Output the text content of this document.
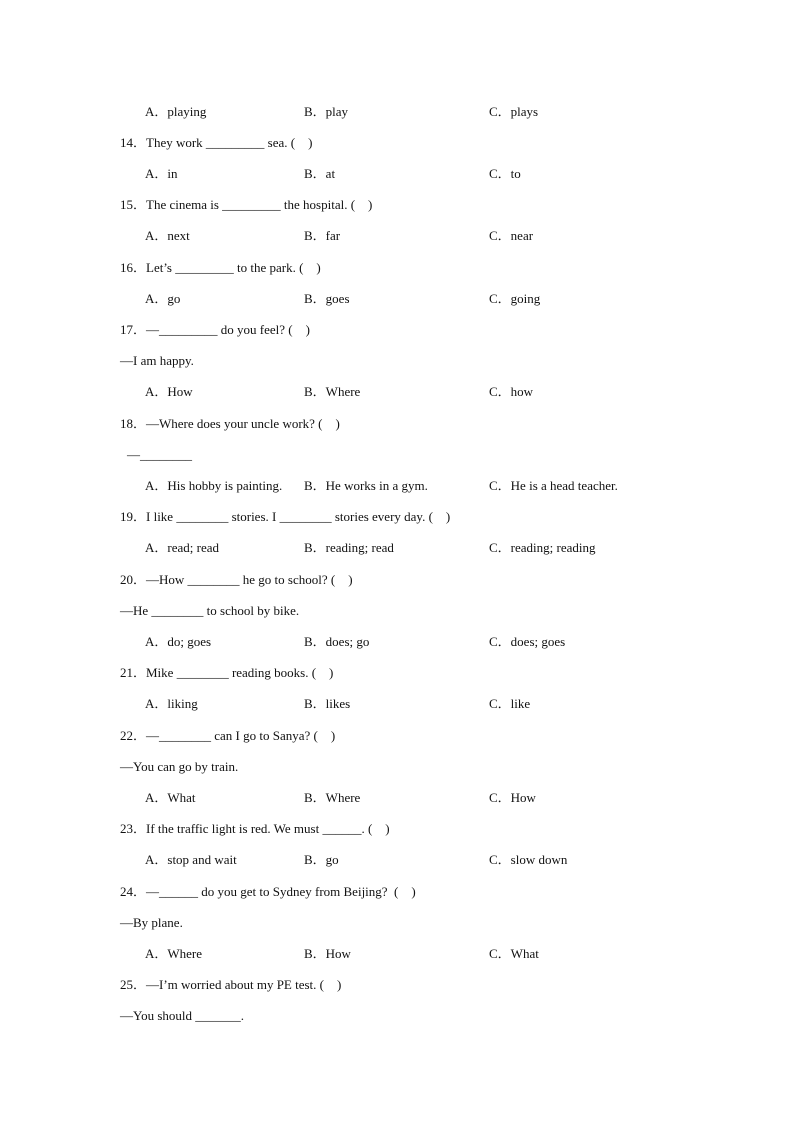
A．playing	B．play	C．plays
14．They work _________ sea. (    )
A．in	B．at	C．to
15．The cinema is _________ the hospital. (    )
A．next	B．far	C．near
16．Let’s _________ to the park. (    )
A．go	B．goes	C．going
17．—_________ do you feel? (    )
—I am happy.
A．How	B．Where	C．how
18．—Where does your uncle work? (    )
—________
A．His hobby is painting. B．He works in a gym.	C．He is a head teacher.
19．I like ________ stories. I ________ stories every day. (    )
A．read; read	B．reading; read	C．reading; reading
20．—How ________ he go to school? (    )
—He ________ to school by bike.
A．do; goes	B．does; go	C．does; goes
21．Mike ________ reading books. (    )
A．liking	B．likes	C．like
22．—________ can I go to Sanya? (    )
—You can go by train.
A．What	B．Where	C．How
23．If the traffic light is red. We must ______. (    )
A．stop and wait	B．go	C．slow down
24．—______ do you get to Sydney from Beijing?  (    )
—By plane.
A．Where	B．How	C．What
25．—I’m worried about my PE test. (    )
—You should _______.
